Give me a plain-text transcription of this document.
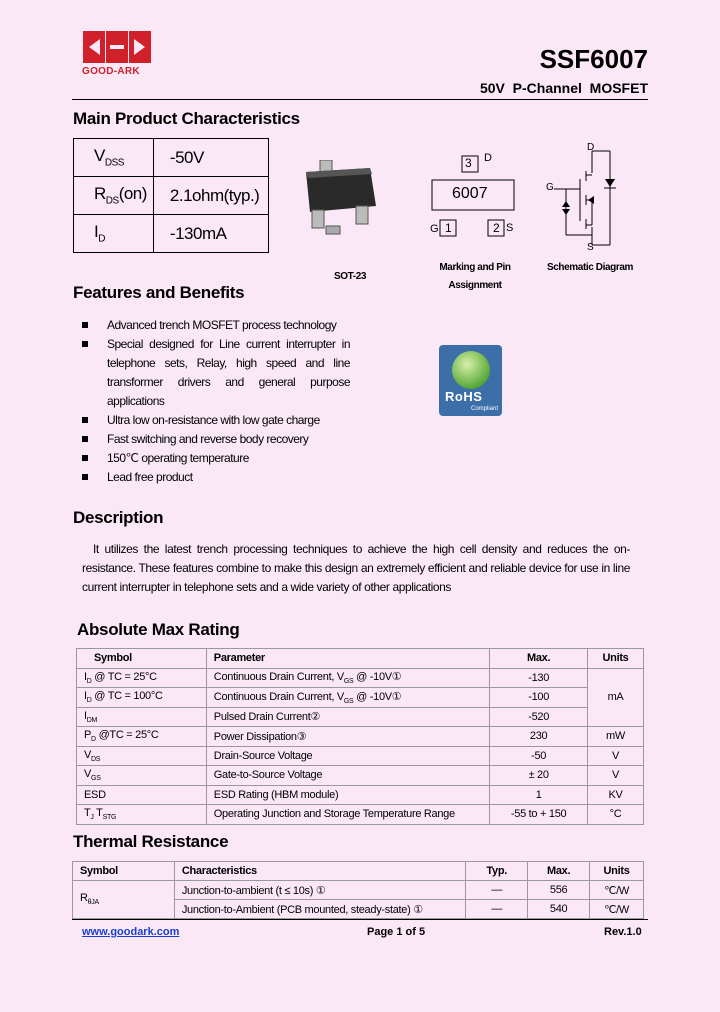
GOOD-ARK	SSF6007
50V  P-Channel  MOSFET
Main Product Characteristics
$V_{DSS}$	-50V
$R_{DS}(on)$	2.1ohm(typ.)
$I_D$	-130mA
SOT-23
3 D
6007
G 1	2 S
Marking and Pin
Assignment
D
G
S
Schematic Diagram
Features and Benefits
Advanced trench MOSFET process technology
Special designed for Line current interrupter in telephone sets, Relay, high speed and line transformer drivers and general purpose applications
Ultra low on-resistance with low gate charge
Fast switching and reverse body recovery
150℃ operating temperature
Lead free product
RoHS
Compliant
Description
It utilizes the latest trench processing techniques to achieve the high cell density and reduces the on-resistance. These features combine to make this design an extremely efficient and reliable device for use in line current interrupter in telephone sets and a wide variety of other applications
Absolute Max Rating
Symbol	Parameter	Max.	Units
$I_D$ @ TC = 25°C	Continuous Drain Current, $V_{GS}$ @ -10V①	-130	mA
$I_D$ @ TC = 100°C	Continuous Drain Current, $V_{GS}$ @ -10V①	-100	
$I_{DM}$	Pulsed Drain Current②	-520	
$P_D$ @TC = 25°C	Power Dissipation③	230	mW
$V_{DS}$	Drain-Source Voltage	-50	V
$V_{GS}$	Gate-to-Source Voltage	± 20	V
ESD	ESD Rating (HBM module)	1	KV
$T_J$ $T_{STG}$	Operating Junction and Storage Temperature Range	-55 to + 150	°C
Thermal Resistance
Symbol	Characteristics	Typ.	Max.	Units
$R_{\theta JA}$	Junction-to-ambient (t ≤ 10s) ①	—	556	℃/W
	Junction-to-Ambient (PCB mounted, steady-state) ①	—	540	℃/W
www.goodark.com	Page 1 of 5	Rev.1.0
